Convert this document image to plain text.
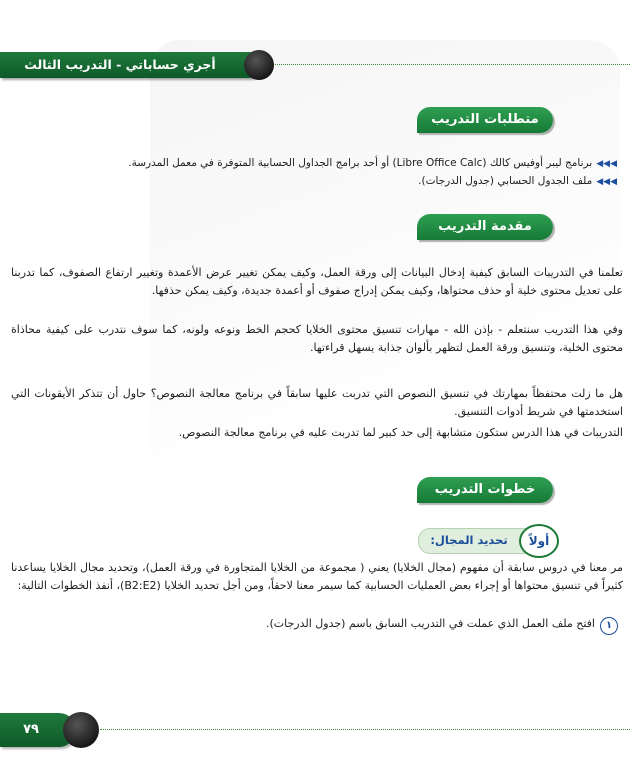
أجري حساباتي - التدريب الثالث
متطلبات التدريب
◀◀◀برنامج ليبر أوفيس كالك (Libre Office Calc) أو أحد برامج الجداول الحسابية المتوفرة في معمل المدرسة.
◀◀◀ملف الجدول الحسابي (جدول الدرجات).
مقدمة التدريب
تعلمنا في التدريبات السابق كيفية إدخال البيانات إلى ورقة العمل، وكيف يمكن تغيير عرض الأعمدة وتغيير ارتفاع الصفوف، كما تدربنا على تعديل محتوى خلية أو حذف محتواها، وكيف يمكن إدراج صفوف أو أعمدة جديدة، وكيف يمكن حذفها.
وفي هذا التدريب سنتعلم - بإذن الله - مهارات تنسيق محتوى الخلايا كحجم الخط ونوعه ولونه، كما سوف نتدرب على كيفية محاذاة محتوى الخلية، وتنسيق ورقة العمل لتظهر بألوان جذابة يسهل قراءتها.
هل ما زلت محتفظاً بمهارتك في تنسيق النصوص التي تدربت عليها سابقاً في برنامج معالجة النصوص؟ حاول أن تتذكر الأيقونات التي استخدمتها في شريط أدوات التنسيق.
التدريبات في هذا الدرس ستكون متشابهة إلى حد كبير لما تدربت عليه في برنامج معالجة النصوص.
خطوات التدريب
أولاً
تحديد المجال:
مر معنا في دروس سابقة أن مفهوم (مجال الخلايا) يعني ( مجموعة من الخلايا المتجاورة في ورقة العمل)، وتحديد مجال الخلايا يساعدنا كثيراً في تنسيق محتواها أو إجراء بعض العمليات الحسابية كما سيمر معنا لاحقاً، ومن أجل تحديد الخلايا (B2:E2)، أنفذ الخطوات التالية:
١
افتح ملف العمل الذي عملت في التدريب السابق باسم (جدول الدرجات).
٧٩
